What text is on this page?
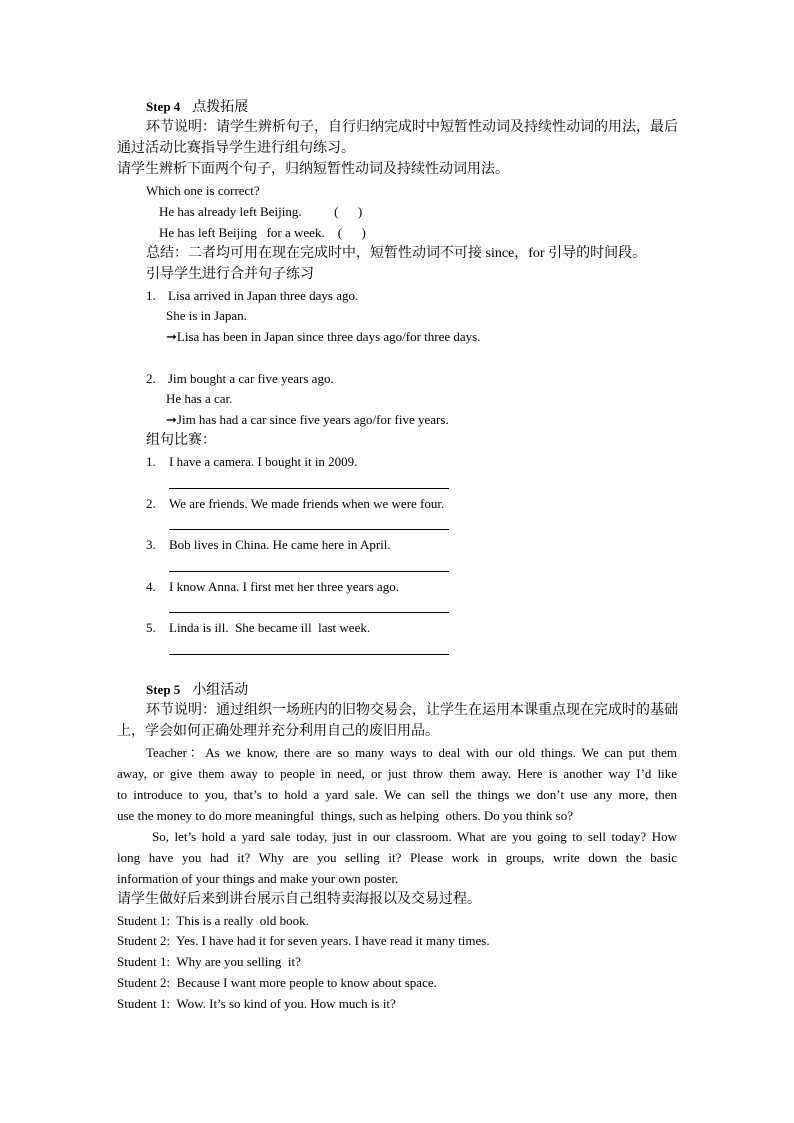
Step 4 点拨拓展
环节说明：请学生辨析句子，自行归纳完成时中短暂性动词及持续性动词的用法，最后
通过活动比赛指导学生进行组句练习。
请学生辨析下面两个句子，归纳短暂性动词及持续性动词用法。
Which one is correct?
He has already left Beijing.          (      )
He has left Beijing   for a week.    (      )
总结：二者均可用在现在完成时中，短暂性动词不可接 since，for 引导的时间段。
引导学生进行合并句子练习
1. Lisa arrived in Japan three days ago.
She is in Japan.
➞Lisa has been in Japan since three days ago/for three days.
2. Jim bought a car five years ago.
He has a car.
➞Jim has had a car since five years ago/for five years.
组句比赛：
1. I have a camera. I bought it in 2009.
2. We are friends. We made friends when we were four.
3. Bob lives in China. He came here in April.
4. I know Anna. I first met her three years ago.
5. Linda is ill.  She became ill  last week.
Step 5 小组活动
环节说明：通过组织一场班内的旧物交易会，让学生在运用本课重点现在完成时的基础
上，学会如何正确处理并充分利用自己的废旧用品。
Teacher：As we know, there are so many ways to deal with our old things. We can put them
away, or give them away to people in need, or just throw them away. Here is another way I’d like
to introduce to you, that’s to hold a yard sale. We can sell the things we don’t use any more, then
use the money to do more meaningful  things, such as helping  others. Do you think so?
So, let’s hold a yard sale today, just in our classroom. What are you going to sell today? How
long have you had it? Why are you selling it? Please work in groups, write down the basic
information of your things and make your own poster.
请学生做好后来到讲台展示自己组特卖海报以及交易过程。
Student 1:  This is a really  old book.
Student 2:  Yes. I have had it for seven years. I have read it many times.
Student 1:  Why are you selling  it?
Student 2:  Because I want more people to know about space.
Student 1:  Wow. It’s so kind of you. How much is it?
